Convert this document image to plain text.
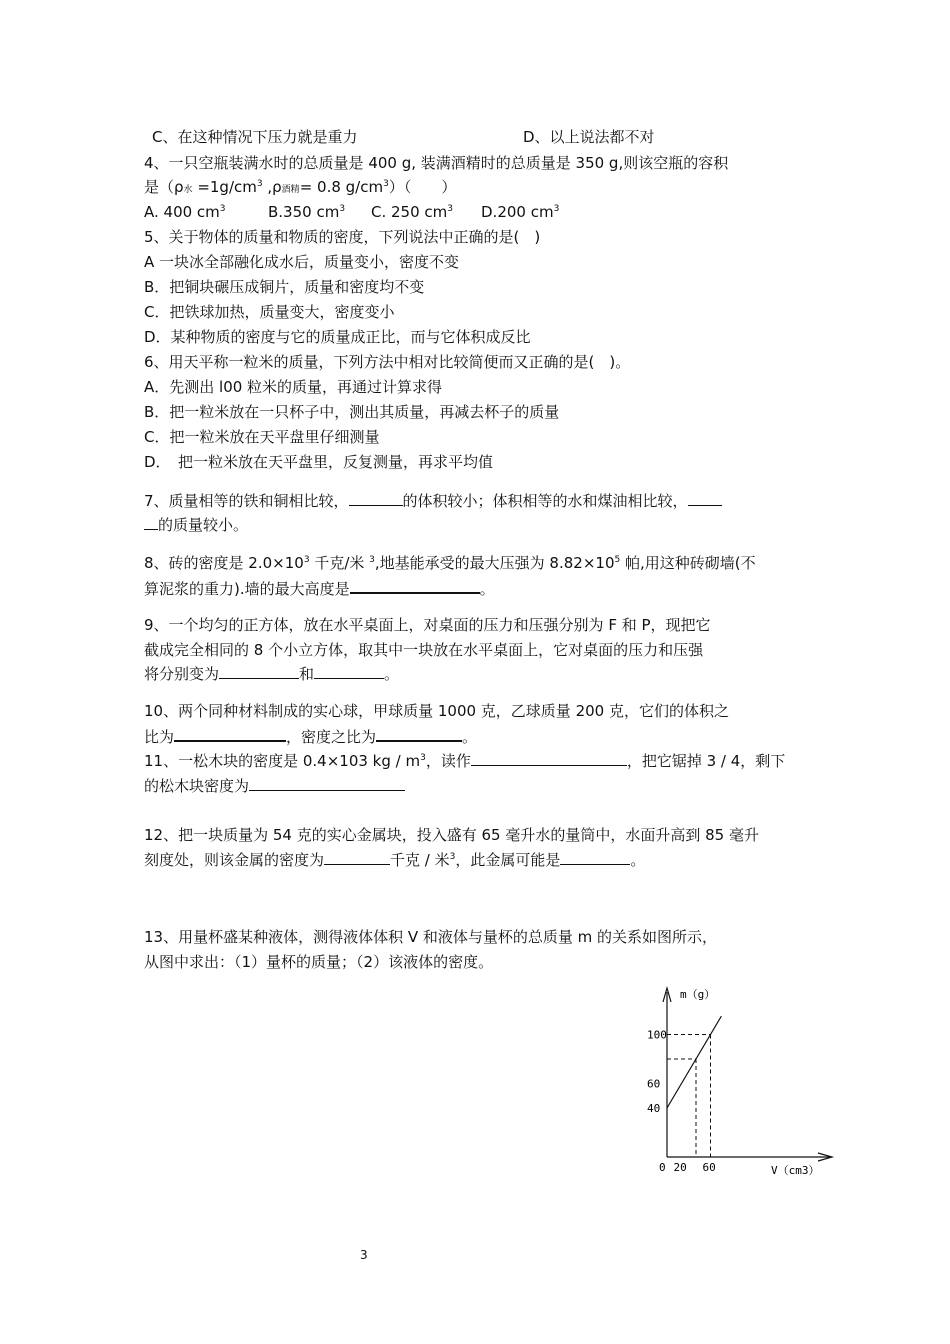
C、在这种情况下压力就是重力	D、以上说法都不对
4、一只空瓶装满水时的总质量是 400 g, 装满酒精时的总质量是 350 g,则该空瓶的容积
是（ρ水 $=1g/cm^3$ ,ρ酒精= 0.8 $g/cm^3$）（　　）
A. 400 $cm^3$	B.350 $cm^3$ C. 250 $cm^3$ D.200 $cm^3$
5、关于物体的质量和物质的密度，下列说法中正确的是(　)
A 一块冰全部融化成水后，质量变小，密度不变
B．把铜块碾压成铜片，质量和密度均不变
C．把铁球加热，质量变大，密度变小
D．某种物质的密度与它的质量成正比，而与它体积成反比
6、用天平称一粒米的质量，下列方法中相对比较简便而又正确的是(　)。
A．先测出 l00 粒米的质量，再通过计算求得
B．把一粒米放在一只杯子中，测出其质量，再减去杯子的质量
C．把一粒米放在天平盘里仔细测量
D．　把一粒米放在天平盘里，反复测量，再求平均值
7、质量相等的铁和铜相比较，	的体积较小；体积相等的水和煤油相比较，
的质量较小。
8、砖的密度是 $2.0\times 10^3$ 千克/米 $^3$,地基能承受的最大压强为 $8.82\times 10^5$ 帕,用这种砖砌墙(不
算泥浆的重力).墙的最大高度是	。
9、一个均匀的正方体，放在水平桌面上，对桌面的压力和压强分别为 F 和 P，现把它
截成完全相同的 8 个小立方体，取其中一块放在水平桌面上，它对桌面的压力和压强
将分别变为	和	。
10、两个同种材料制成的实心球，甲球质量 1000 克，乙球质量 200 克，它们的体积之
比为	，密度之比为	。
11、一松木块的密度是 0.4×103 kg / $m^3$，读作	，把它锯掉 3 / 4，剩下
的松木块密度为
12、把一块质量为 54 克的实心金属块，投入盛有 65 毫升水的量筒中，水面升高到 85 毫升
刻度处，则该金属的密度为	千克 / 米$^3$，此金属可能是	。
13、用量杯盛某种液体，测得液体体积 V 和液体与量杯的总质量 m 的关系如图所示，
从图中求出：（1）量杯的质量；（2）该液体的密度。
100
60
40
0 20 60
m（g）
V（cm3）
3
